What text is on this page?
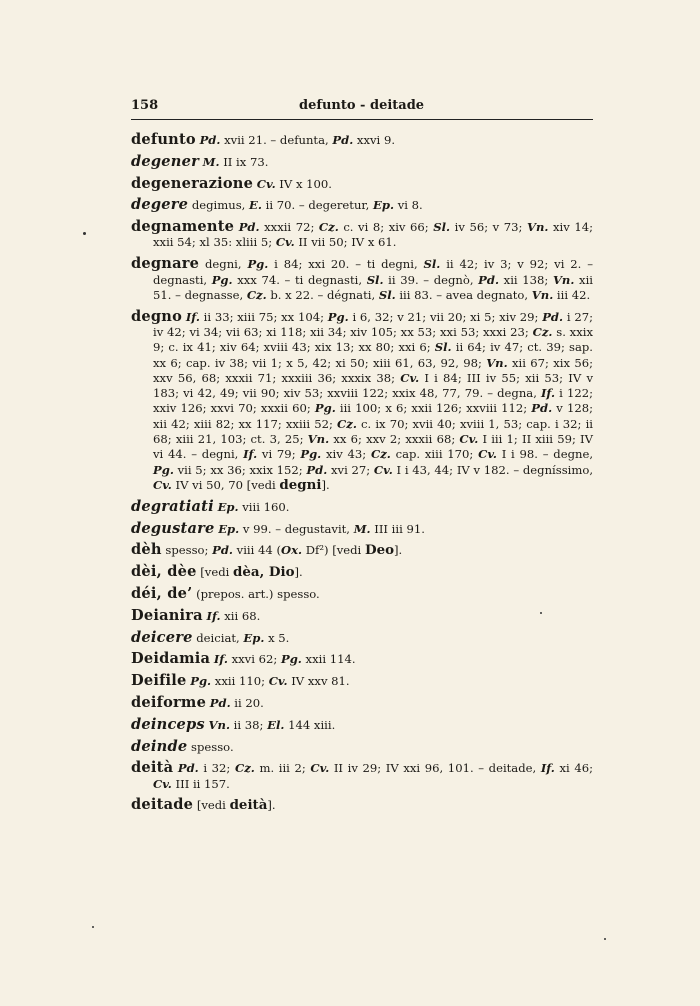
158	defunto - deitade
defunto Pd. xvii 21. – defunta, Pd. xxvi 9.
degener M. II ix 73.
degenerazione Cv. IV x 100.
degere degimus, E. ii 70. – degeretur, Ep. vi 8.
degnamente Pd. xxxii 72; Cz. c. vi 8; xiv 66; Sl. iv 56; v 73; Vn. xiv 14; xxii 54; xl 35: xliii 5; Cv. II vii 50; IV x 61.
degnare degni, Pg. i 84; xxi 20. – ti degni, Sl. ii 42; iv 3; v 92; vi 2. – degnasti, Pg. xxx 74. – ti degnasti, Sl. ii 39. – degnò, Pd. xii 138; Vn. xii 51. – degnasse, Cz. b. x 22. – dégnati, Sl. iii 83. – avea degnato, Vn. iii 42.
degno If. ii 33; xiii 75; xx 104; Pg. i 6, 32; v 21; vii 20; xi 5; xiv 29; Pd. i 27; iv 42; vi 34; vii 63; xi 118; xii 34; xiv 105; xx 53; xxi 53; xxxi 23; Cz. s. xxix 9; c. ix 41; xiv 64; xviii 43; xix 13; xx 80; xxi 6; Sl. ii 64; iv 47; ct. 39; sap. xx 6; cap. iv 38; vii 1; x 5, 42; xi 50; xiii 61, 63, 92, 98; Vn. xii 67; xix 56; xxv 56, 68; xxxii 71; xxxiii 36; xxxix 38; Cv. I i 84; III iv 55; xii 53; IV v 183; vi 42, 49; vii 90; xiv 53; xxviii 122; xxix 48, 77, 79. – degna, If. i 122; xxiv 126; xxvi 70; xxxii 60; Pg. iii 100; x 6; xxii 126; xxviii 112; Pd. v 128; xii 42; xiii 82; xx 117; xxiii 52; Cz. c. ix 70; xvii 40; xviii 1, 53; cap. i 32; ii 68; xiii 21, 103; ct. 3, 25; Vn. xx 6; xxv 2; xxxii 68; Cv. I iii 1; II xiii 59; IV vi 44. – degni, If. vi 79; Pg. xiv 43; Cz. cap. xiii 170; Cv. I i 98. – degne, Pg. vii 5; xx 36; xxix 152; Pd. xvi 27; Cv. I i 43, 44; IV v 182. – degníssimo, Cv. IV vi 50, 70 [vedi degni].
degratiati Ep. viii 160.
degustare Ep. v 99. – degustavit, M. III iii 91.
dèh spesso; Pd. viii 44 (Ox. Df²) [vedi Deo].
dèi, dèe [vedi dèa, Dio].
déi, de’ (prepos. art.) spesso.
Deianira If. xii 68.
deicere deiciat, Ep. x 5.
Deidamia If. xxvi 62; Pg. xxii 114.
Deifile Pg. xxii 110; Cv. IV xxv 81.
deiforme Pd. ii 20.
deinceps Vn. ii 38; El. 144 xiii.
deinde spesso.
deità Pd. i 32; Cz. m. iii 2; Cv. II iv 29; IV xxi 96, 101. – deitade, If. xi 46; Cv. III ii 157.
deitade [vedi deità].
